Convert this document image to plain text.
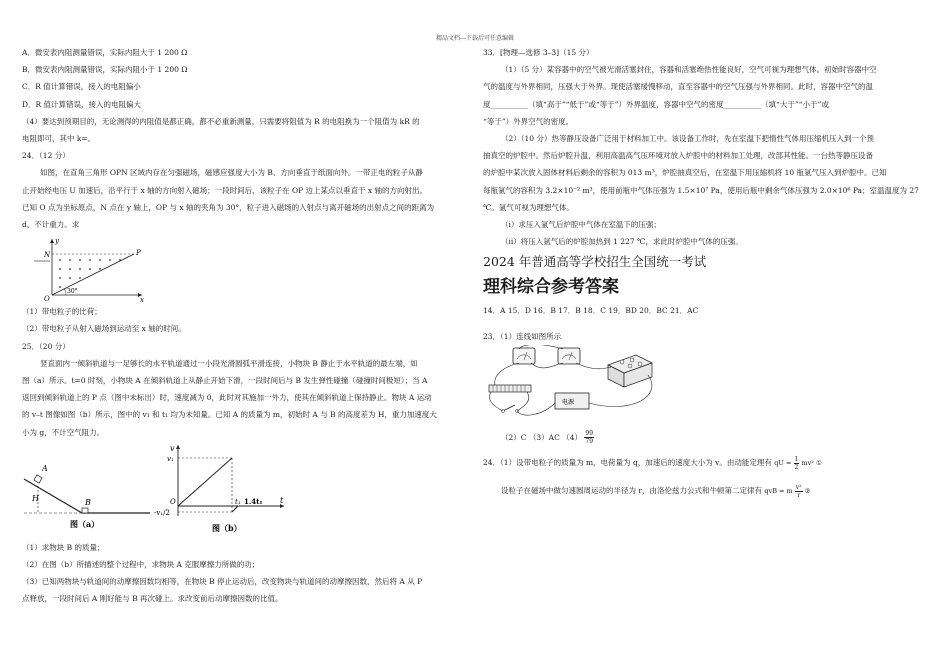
精品文档---下载后可任意编辑
A．微安表内阻测量错误，实际内阻大于 1 200 Ω
B．微安表内阻测量错误，实际内阻小于 1 200 Ω
C．R 值计算错误，接入的电阻偏小
D．R 值计算错误，接入的电阻偏大
（4）要达到预期目的，无论测得的内阻值是都正确，都不必重新测量，只需要将阻值为 R 的电阻换为一个阻值为 kR 的
电阻即可，其中 k=。
24．（12 分）
如图，在直角三角形 OPN 区域内存在匀强磁场，磁感应强度大小为 B、方向垂直于纸面向外。一带正电的粒子从静
止开始经电压 U 加速后，沿平行于 x 轴的方向射入磁场；一段时间后，该粒子在 OP 边上某点以垂直于 x 轴的方向射出。
已知 O 点为坐标原点，N 点在 y 轴上，OP 与 x 轴的夹角为 30°，粒子进入磁场的入射点与离开磁场的出射点之间的距离为
d，不计重力。求
y
x
N	P
O
30°
（1）带电粒子的比荷；
（2）带电粒子从射入磁场到运动至 x 轴的时间。
25．（20 分）
竖直面内一倾斜轨道与一足够长的水平轨道通过一小段光滑圆弧平滑连接，小物块 B 静止于水平轨道的最左端，如
图（a）所示。t=0 时刻，小物块 A 在倾斜轨道上从静止开始下滑，一段时间后与 B 发生弹性碰撞（碰撞时间极短）；当 A
返回到倾斜轨道上的 P 点（图中未标出）时，速度减为 0，此时对其施加一外力，使其在倾斜轨道上保持静止。物块 A 运动
的 v–t 图像如图（b）所示，图中的 v₁ 和 t₁ 均为未知量。已知 A 的质量为 m，初始时 A 与 B 的高度差为 H，重力加速度大
小为 g，不计空气阻力。
A
B
H
图（a）
v
v₁
-v₁/2
O	t₁ 1.4t₁ t
图（b）
（1）求物块 B 的质量；
（2）在图（b）所描述的整个过程中，求物块 A 克服摩擦力所做的功；
（3）已知两物块与轨道间的动摩擦因数均相等，在物块 B 停止运动后，改变物块与轨道间的动摩擦因数，然后将 A 从 P
点释放，一段时间后 A 刚好能与 B 再次碰上。求改变前后动摩擦因数的比值。
33．[物理—选修 3–3]（15 分）
（1）（5 分）某容器中的空气被光滑活塞封住，容器和活塞绝热性能良好，空气可视为理想气体。初始时容器中空
气的温度与外界相同，压强大于外界。现使活塞缓慢移动，直至容器中的空气压强与外界相同。此时，容器中空气的温
度__________（填“高于”“低于”或“等于”）外界温度，容器中空气的密度__________（填“大于”“小于”或
“等于”）外界空气的密度。
（2）（10 分）热等静压设备广泛用于材料加工中。该设备工作时，先在室温下把惰性气体用压缩机压入到一个预
抽真空的炉腔中。然后炉腔升温，利用高温高气压环境对放入炉腔中的材料加工处理，改部其性能。一台热等静压设备
的炉腔中某次放入固体材料后剩余的容积为 013 m³，炉腔抽真空后，在室温下用压缩机将 10 瓶氩气压入到炉腔中。已知
每瓶氩气的容积为 3.2×10⁻² m³，使用前瓶中气体压强为 1.5×10⁷ Pa，使用后瓶中剩余气体压强为 2.0×10⁶ Pa；室温温度为 27
℃。氩气可视为理想气体。
（i）求压入氩气后炉腔中气体在室温下的压强；
（ii）将压入氩气后的炉腔加热到 1 227 ℃，求此时炉腔中气体的压强。
2024 年普通高等学校招生全国统一考试
理科综合参考答案
14．A 15．D 16．B 17．B 18．C 19．BD 20．BC 21．AC
23．（1）连线如图所示
电源
（2）C （3）AC $(4) \frac{99}{79}$
24．（1）设带电粒子的质量为 m，电荷量为 q，加速后的速度大小为 v。由动能定理有 qU = $\frac{1}{2} mv^2$ ①
设粒子在磁场中做匀速圆周运动的半径为 r，由洛伦兹力公式和牛顿第二定律有 qvB = m $\frac{\text{v²}}{r}$ ②
